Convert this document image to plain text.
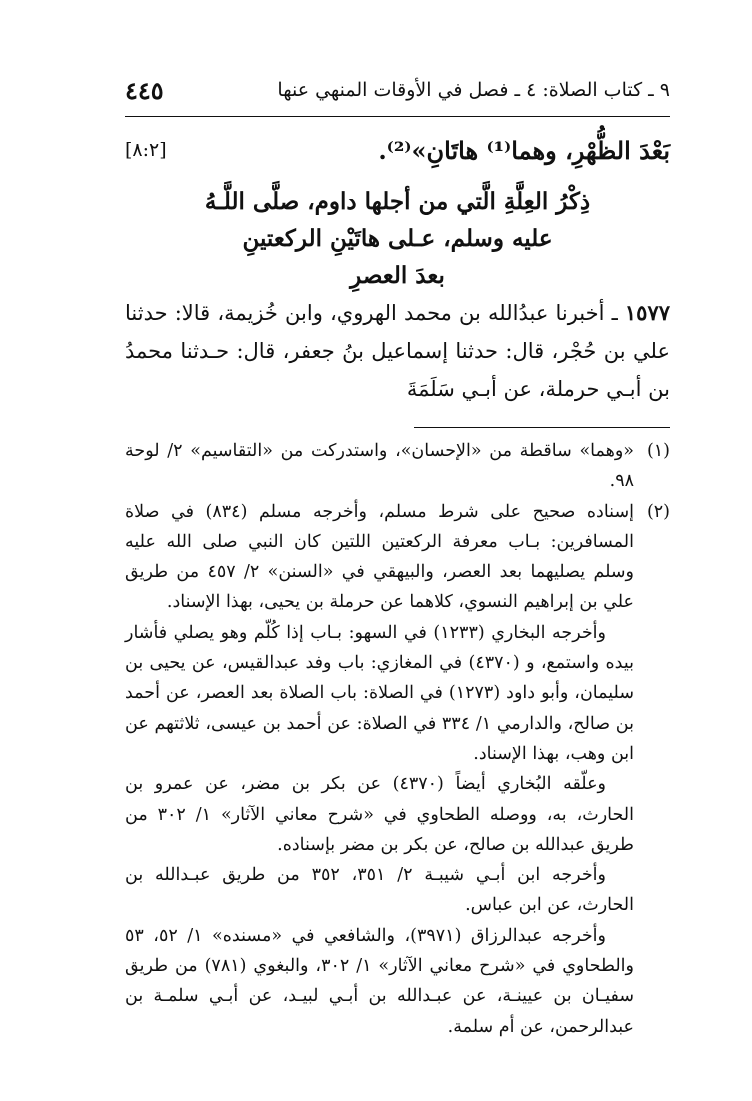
٩ ـ كتاب الصلاة: ٤ ـ فصل في الأوقات المنهي عنها
٤٤٥
بَعْدَ الظُّهْرِ، وهما⁽¹⁾ هاتَانِ»⁽²⁾.
[٨:٢]
ذِكْرُ العِلَّةِ الَّتي من أجلها داوم، صلَّى اللَّـهُ
عليه وسلم، عـلى هاتَيْنِ الركعتينِ
بعدَ العصرِ
١٥٧٧ ـ أخبرنا عبدُالله بن محمد الهروي، وابن خُزيمة، قالا: حدثنا علي بن حُجْر، قال: حدثنا إسماعيل بنُ جعفر، قال: حـدثنا محمدُ بن أبـي حرملة، عن أبـي سَلَمَةَ
(١)

«وهما» ساقطة من «الإحسان»، واستدركت من «التقاسيم» ٢/ لوحة ٩٨.

(٢)

إسناده صحيح على شرط مسلم، وأخرجه مسلم (٨٣٤) في صلاة المسافرين: بـاب معرفة الركعتين اللتين كان النبي صلى الله عليه وسلم يصليهما بعد العصر، والبيهقي في «السنن» ٢/ ٤٥٧ من طريق علي بن إبراهيم النسوي، كلاهما عن حرملة بن يحيى، بهذا الإسناد.

وأخرجه البخاري (١٢٣٣) في السهو: بـاب إذا كُلّم وهو يصلي فأشار بيده واستمع، و (٤٣٧٠) في المغازي: باب وفد عبدالقيس، عن يحيى بن سليمان، وأبو داود (١٢٧٣) في الصلاة: باب الصلاة بعد العصر، عن أحمد بن صالح، والدارمي ١/ ٣٣٤ في الصلاة: عن أحمد بن عيسى، ثلاثتهم عن ابن وهب، بهذا الإسناد.

وعلّقه البُخاري أيضاً (٤٣٧٠) عن بكر بن مضر، عن عمرو بن الحارث، به، ووصله الطحاوي في «شرح معاني الآثار» ١/ ٣٠٢ من طريق عبدالله بن صالح، عن بكر بن مضر بإسناده.

وأخرجه ابن أبـي شيبـة ٢/ ٣٥١، ٣٥٢ من طريق عبـدالله بن الحارث، عن ابن عباس.

وأخرجه عبدالرزاق (٣٩٧١)، والشافعي في «مسنده» ١/ ٥٢، ٥٣ والطحاوي في «شرح معاني الآثار» ١/ ٣٠٢، والبغوي (٧٨١) من طريق سفيـان بن عيينـة، عن عبـدالله بن أبـي لبيـد، عن أبـي سلمـة بن عبدالرحمن، عن أم سلمة.
